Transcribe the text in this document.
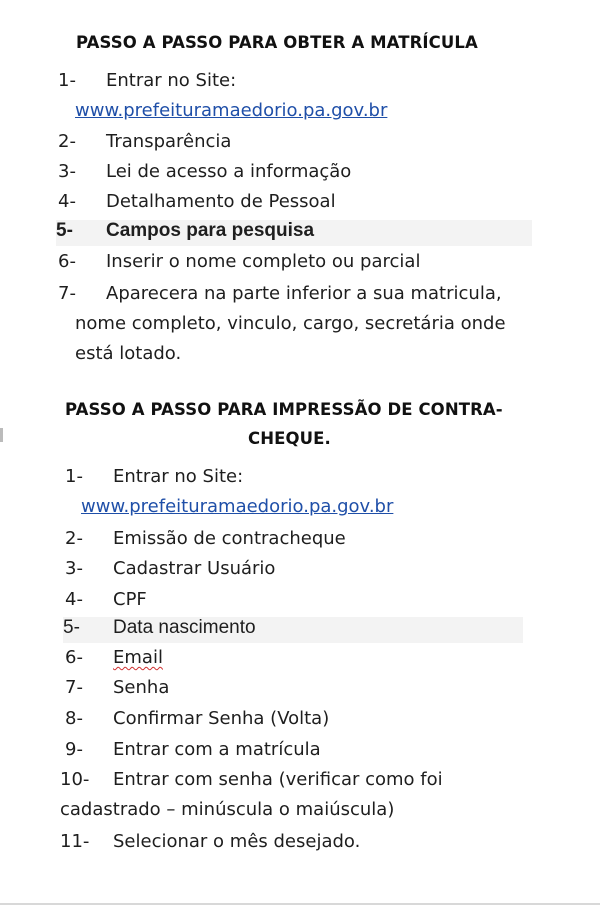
PASSO A PASSO PARA OBTER A MATRÍCULA
1- Entrar no Site:
www.prefeituramaedorio.pa.gov.br
2- Transparência
3- Lei de acesso a informação
4- Detalhamento de Pessoal
5- Campos para pesquisa
6- Inserir o nome completo ou parcial
7- Aparecera na parte inferior a sua matricula,
nome completo, vinculo, cargo, secretária onde
está lotado.
PASSO A PASSO PARA IMPRESSÃO DE CONTRA-
CHEQUE.
1- Entrar no Site:
www.prefeituramaedorio.pa.gov.br
2- Emissão de contracheque
3- Cadastrar Usuário
4- CPF
5- Data nascimento
6- Email
7- Senha
8- Confirmar Senha (Volta)
9- Entrar com a matrícula
10- Entrar com senha (verificar como foi
cadastrado – minúscula o maiúscula)
11- Selecionar o mês desejado.
